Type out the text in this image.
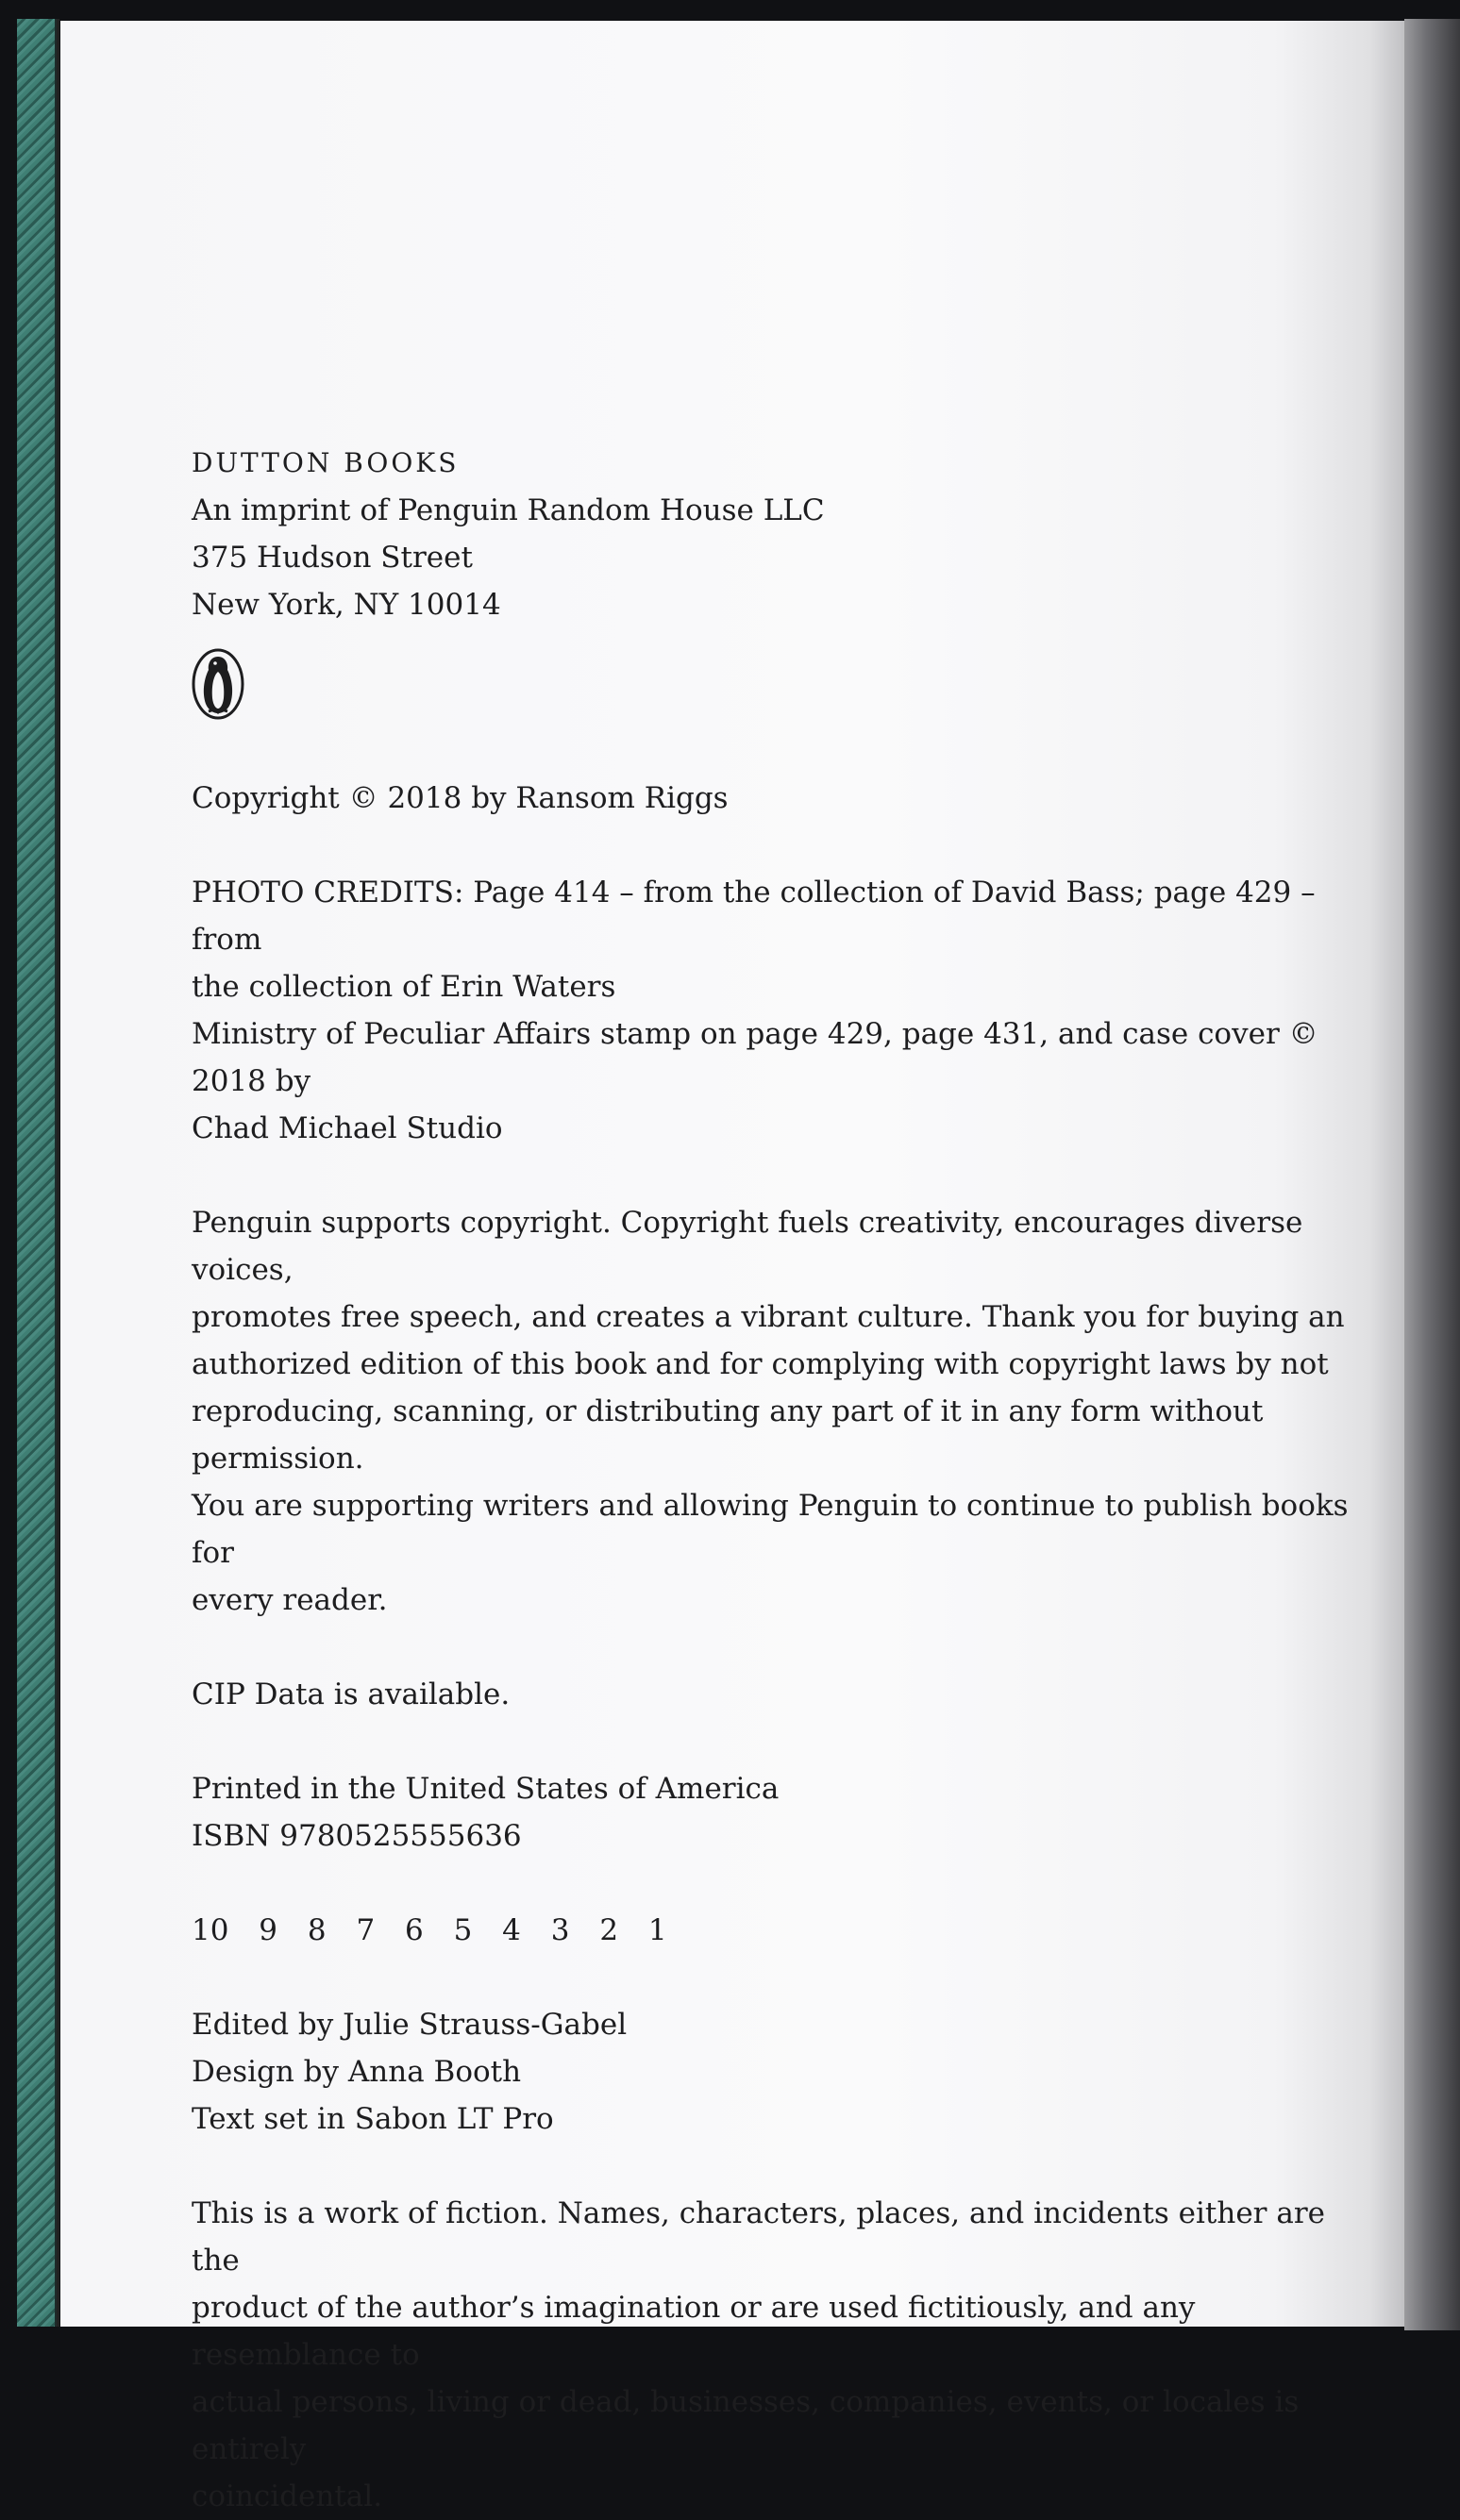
DUTTON BOOKS

An imprint of Penguin Random House LLC

375 Hudson Street

New York, NY 10014

Copyright © 2018 by Ransom Riggs

PHOTO CREDITS: Page 414 – from the collection of David Bass; page 429 – from

the collection of Erin Waters

Ministry of Peculiar Affairs stamp on page 429, page 431, and case cover © 2018 by

Chad Michael Studio

Penguin supports copyright. Copyright fuels creativity, encourages diverse voices,

promotes free speech, and creates a vibrant culture. Thank you for buying an

authorized edition of this book and for complying with copyright laws by not

reproducing, scanning, or distributing any part of it in any form without permission.

You are supporting writers and allowing Penguin to continue to publish books for

every reader.

CIP Data is available.

Printed in the United States of America

ISBN 9780525555636

10 9 8 7 6 5 4 3 2 1

Edited by Julie Strauss-Gabel

Design by Anna Booth

Text set in Sabon LT Pro

This is a work of fiction. Names, characters, places, and incidents either are the

product of the author’s imagination or are used fictitiously, and any resemblance to

actual persons, living or dead, businesses, companies, events, or locales is entirely

coincidental.
